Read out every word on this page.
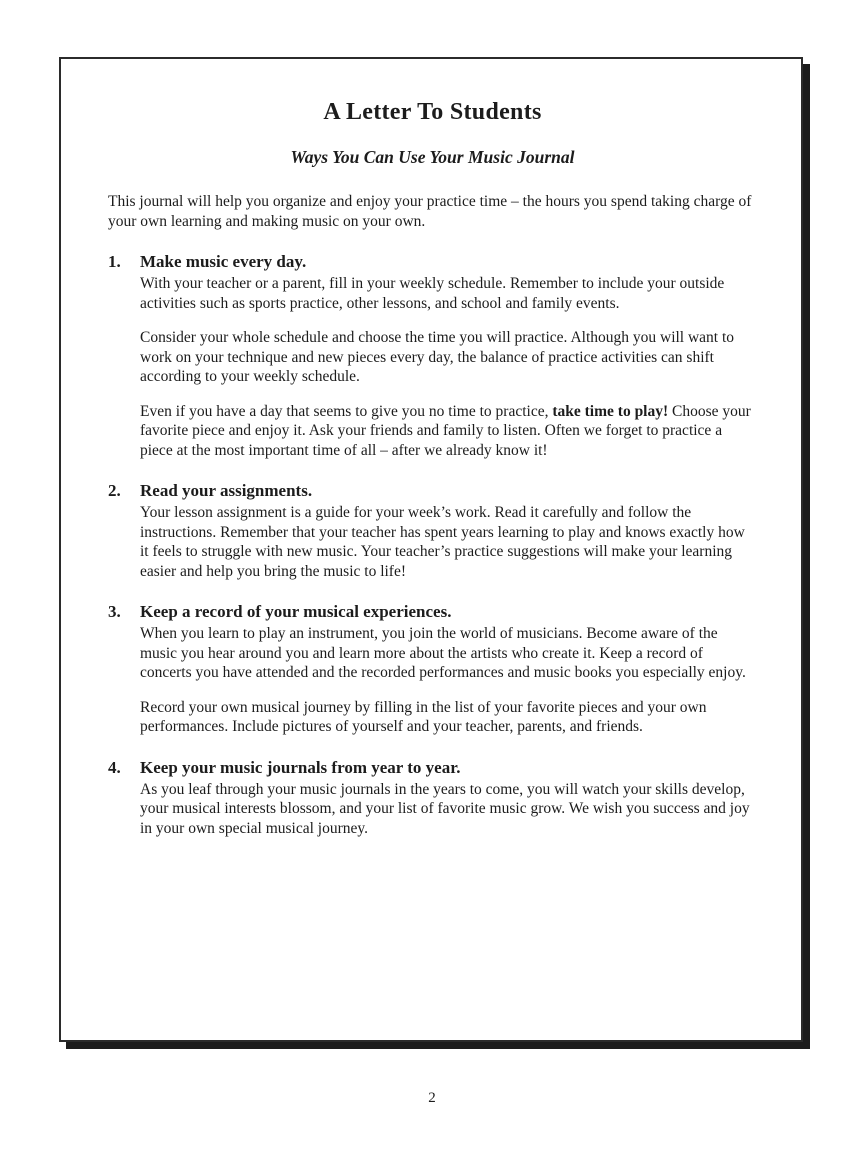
A Letter To Students
Ways You Can Use Your Music Journal

This journal will help you organize and enjoy your practice time – the hours you spend taking charge of your own learning and making music on your own.

1.	Make music every day.

With your teacher or a parent, fill in your weekly schedule. Remember to include your outside activities such as sports practice, other lessons, and school and family events.

Consider your whole schedule and choose the time you will practice. Although you will want to work on your technique and new pieces every day, the balance of practice activities can shift according to your weekly schedule.

Even if you have a day that seems to give you no time to practice, take time to play! Choose your favorite piece and enjoy it. Ask your friends and family to listen. Often we forget to practice a piece at the most important time of all – after we already know it!

2.	Read your assignments.

Your lesson assignment is a guide for your week’s work. Read it carefully and follow the instructions. Remember that your teacher has spent years learning to play and knows exactly how it feels to struggle with new music. Your teacher’s practice suggestions will make your learning easier and help you bring the music to life!

3.	Keep a record of your musical experiences.

When you learn to play an instrument, you join the world of musicians. Become aware of the music you hear around you and learn more about the artists who create it. Keep a record of concerts you have attended and the recorded performances and music books you especially enjoy.

Record your own musical journey by filling in the list of your favorite pieces and your own performances. Include pictures of yourself and your teacher, parents, and friends.

4.	Keep your music journals from year to year.

As you leaf through your music journals in the years to come, you will watch your skills develop, your musical interests blossom, and your list of favorite music grow. We wish you success and joy in your own special musical journey.

2
